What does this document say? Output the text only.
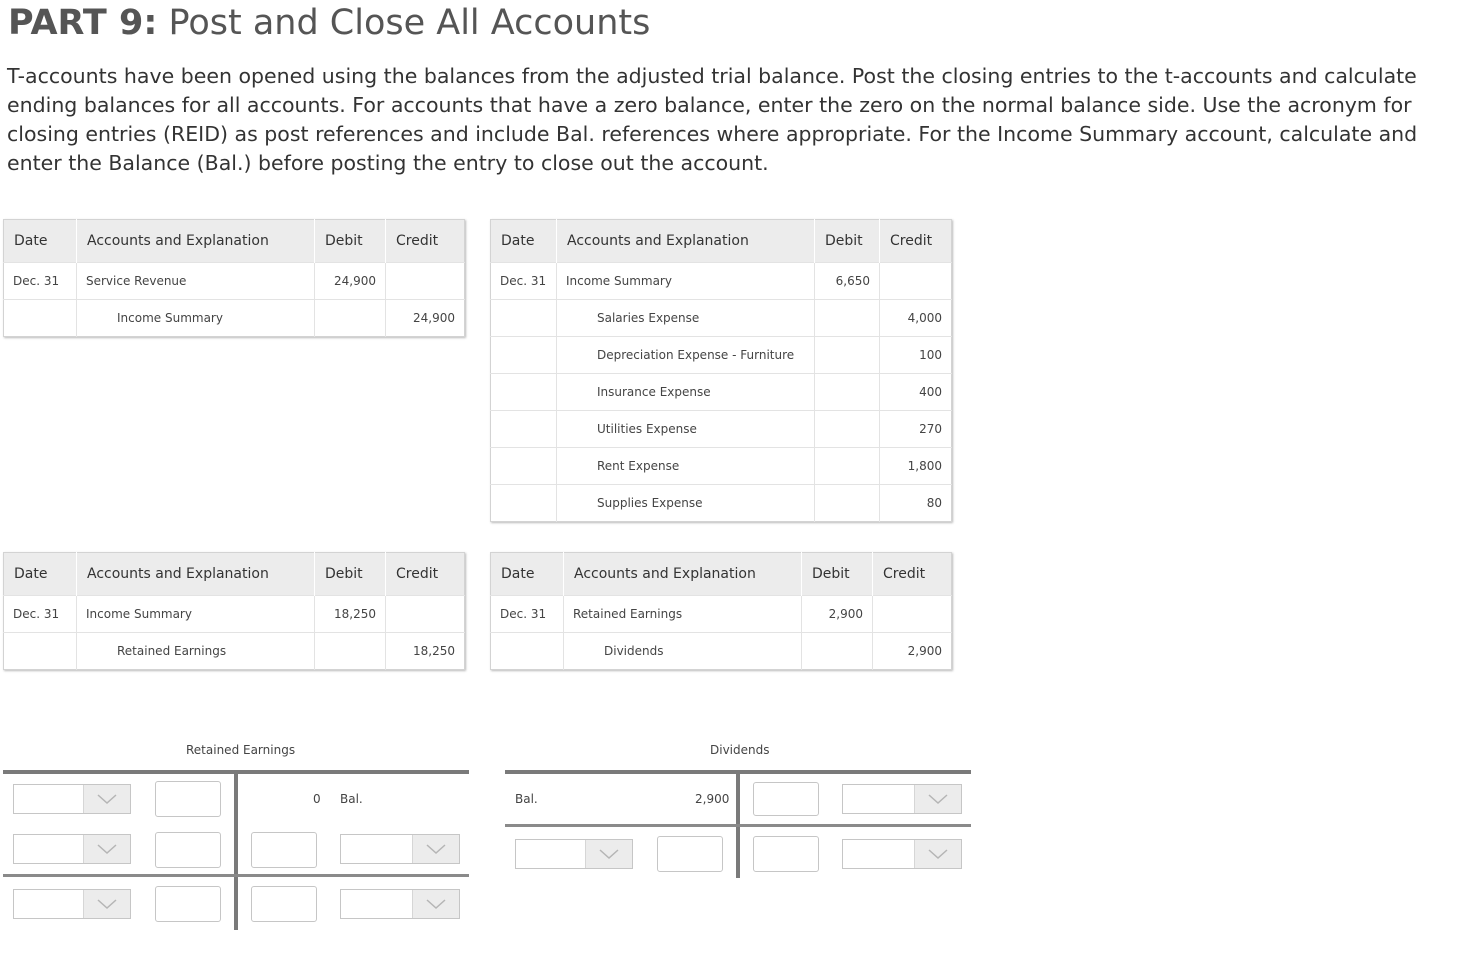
PART 9: Post and Close All Accounts

T-accounts have been opened using the balances from the adjusted trial balance. Post the closing entries to the t-accounts and calculate ending balances for all accounts. For accounts that have a zero balance, enter the zero on the normal balance side. Use the acronym for closing entries (REID) as post references and include Bal. references where appropriate. For the Income Summary account, calculate and enter the Balance (Bal.) before posting the entry to close out the account.

Date	Accounts and Explanation	Debit	Credit
Dec. 31	Service Revenue	24,900	
	Income Summary		24,900
Date	Accounts and Explanation	Debit	Credit
Dec. 31	Income Summary	6,650	
	Salaries Expense		4,000
	Depreciation Expense - Furniture		100
	Insurance Expense		400
	Utilities Expense		270
	Rent Expense		1,800
	Supplies Expense		80
Date	Accounts and Explanation	Debit	Credit
Dec. 31	Income Summary	18,250	
	Retained Earnings		18,250
Date	Accounts and Explanation	Debit	Credit
Dec. 31	Retained Earnings	2,900	
	Dividends		2,900
Retained Earnings
0 Bal.
Dividends
Bal.	2,900
